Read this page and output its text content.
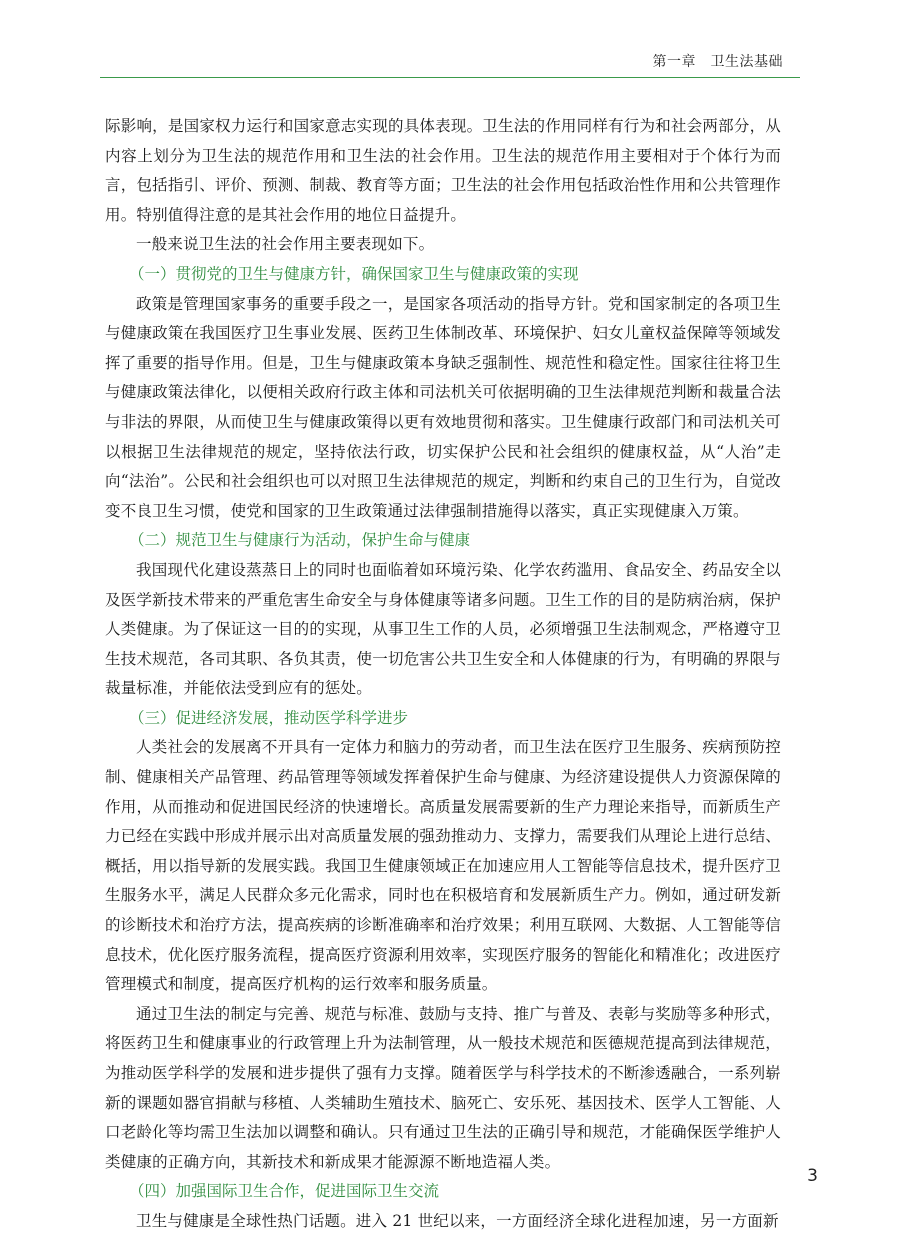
第一章　卫生法基础

际影响，是国家权力运行和国家意志实现的具体表现。卫生法的作用同样有行为和社会两部分，从内容上划分为卫生法的规范作用和卫生法的社会作用。卫生法的规范作用主要相对于个体行为而言，包括指引、评价、预测、制裁、教育等方面；卫生法的社会作用包括政治性作用和公共管理作用。特别值得注意的是其社会作用的地位日益提升。

一般来说卫生法的社会作用主要表现如下。

（一）贯彻党的卫生与健康方针，确保国家卫生与健康政策的实现

政策是管理国家事务的重要手段之一，是国家各项活动的指导方针。党和国家制定的各项卫生与健康政策在我国医疗卫生事业发展、医药卫生体制改革、环境保护、妇女儿童权益保障等领域发挥了重要的指导作用。但是，卫生与健康政策本身缺乏强制性、规范性和稳定性。国家往往将卫生与健康政策法律化，以便相关政府行政主体和司法机关可依据明确的卫生法律规范判断和裁量合法与非法的界限，从而使卫生与健康政策得以更有效地贯彻和落实。卫生健康行政部门和司法机关可以根据卫生法律规范的规定，坚持依法行政，切实保护公民和社会组织的健康权益，从“人治”走向“法治”。公民和社会组织也可以对照卫生法律规范的规定，判断和约束自己的卫生行为，自觉改变不良卫生习惯，使党和国家的卫生政策通过法律强制措施得以落实，真正实现健康入万策。

（二）规范卫生与健康行为活动，保护生命与健康

我国现代化建设蒸蒸日上的同时也面临着如环境污染、化学农药滥用、食品安全、药品安全以及医学新技术带来的严重危害生命安全与身体健康等诸多问题。卫生工作的目的是防病治病，保护人类健康。为了保证这一目的的实现，从事卫生工作的人员，必须增强卫生法制观念，严格遵守卫生技术规范，各司其职、各负其责，使一切危害公共卫生安全和人体健康的行为，有明确的界限与裁量标准，并能依法受到应有的惩处。

（三）促进经济发展，推动医学科学进步

人类社会的发展离不开具有一定体力和脑力的劳动者，而卫生法在医疗卫生服务、疾病预防控制、健康相关产品管理、药品管理等领域发挥着保护生命与健康、为经济建设提供人力资源保障的作用，从而推动和促进国民经济的快速增长。高质量发展需要新的生产力理论来指导，而新质生产力已经在实践中形成并展示出对高质量发展的强劲推动力、支撑力，需要我们从理论上进行总结、概括，用以指导新的发展实践。我国卫生健康领域正在加速应用人工智能等信息技术，提升医疗卫生服务水平，满足人民群众多元化需求，同时也在积极培育和发展新质生产力。例如，通过研发新的诊断技术和治疗方法，提高疾病的诊断准确率和治疗效果；利用互联网、大数据、人工智能等信息技术，优化医疗服务流程，提高医疗资源利用效率，实现医疗服务的智能化和精准化；改进医疗管理模式和制度，提高医疗机构的运行效率和服务质量。

通过卫生法的制定与完善、规范与标准、鼓励与支持、推广与普及、表彰与奖励等多种形式，将医药卫生和健康事业的行政管理上升为法制管理，从一般技术规范和医德规范提高到法律规范，为推动医学科学的发展和进步提供了强有力支撑。随着医学与科学技术的不断渗透融合，一系列崭新的课题如器官捐献与移植、人类辅助生殖技术、脑死亡、安乐死、基因技术、医学人工智能、人口老龄化等均需卫生法加以调整和确认。只有通过卫生法的正确引导和规范，才能确保医学维护人类健康的正确方向，其新技术和新成果才能源源不断地造福人类。

（四）加强国际卫生合作，促进国际卫生交流

卫生与健康是全球性热门话题。进入 21 世纪以来，一方面经济全球化进程加速，另一方面新

3
